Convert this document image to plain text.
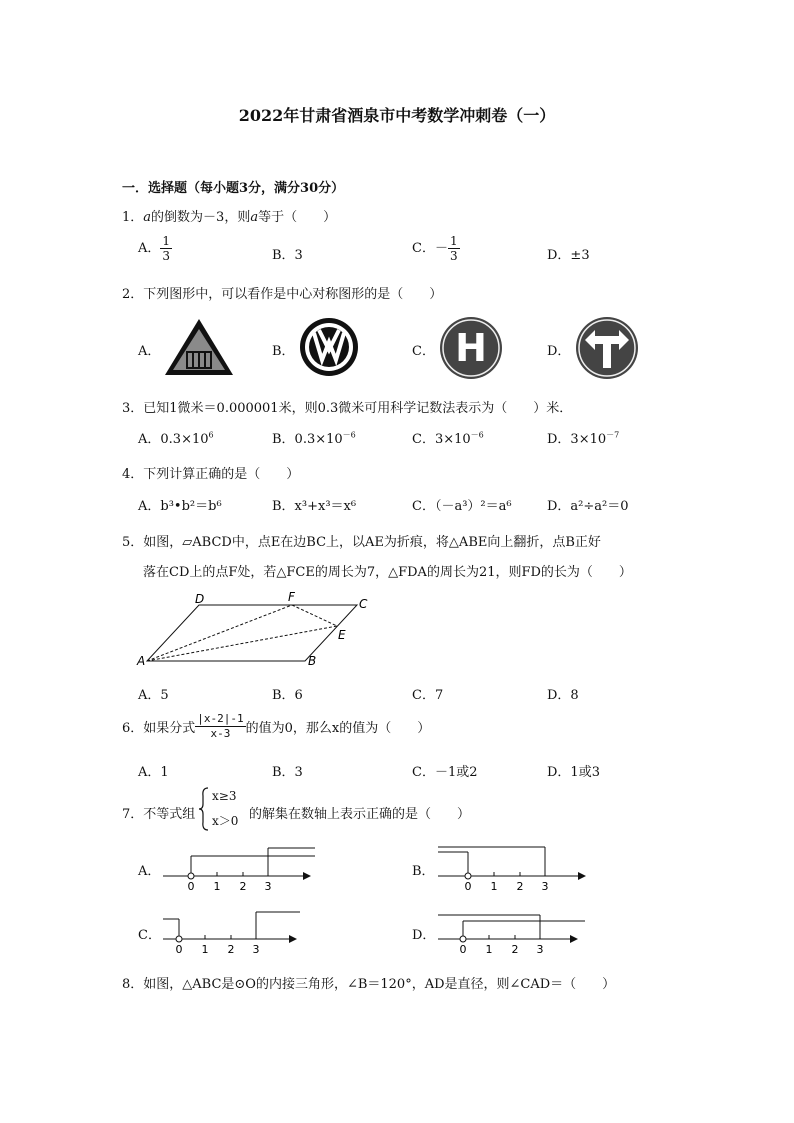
2022年甘肃省酒泉市中考数学冲刺卷（一）
一．选择题（每小题3分，满分30分）
1．a的倒数为－3，则a等于（　　）
A． $\frac{1}{3}$	B．3	C．－ $\frac{1}{3}$	D．±3
2．下列图形中，可以看作是中心对称图形的是（　　）
A．	B．	C． H	D．
3．已知1微米＝0.000001米，则0.3微米可用科学记数法表示为（　　）米．
A．$0.3\times 10^6$	B．$0.3\times 10^{-6}$	C．$3\times 10^{-6}$	D．$3\times 10^{-7}$
4．下列计算正确的是（　　）
A．b³•b²＝b⁶	B．x³+x³＝x⁶	C．（－a³）²＝a⁶	D．a²÷a²＝0
5．如图，▱ABCD中，点E在边BC上，以AE为折痕，将△ABE向上翻折，点B正好
落在CD上的点F处，若△FCE的周长为7，△FDA的周长为21，则FD的长为（　　）
A	B
C
D
E
F
A．5	B．6	C．7	D．8
6．如果分式 $\frac{|x-2|-1}{x-3}$ 的值为0，那么x的值为（　　）
A．1	B．3	C．－1或2	D．1或3
7．不等式组
x≥3
x＞0 的解集在数轴上表示正确的是（　　）
A．
0 1 2 3
B．
0 1 2 3
C．
0 1 2 3
D．
0 1 2 3
8．如图，△ABC是⊙O的内接三角形，∠B＝120°，AD是直径，则∠CAD＝（　　）
